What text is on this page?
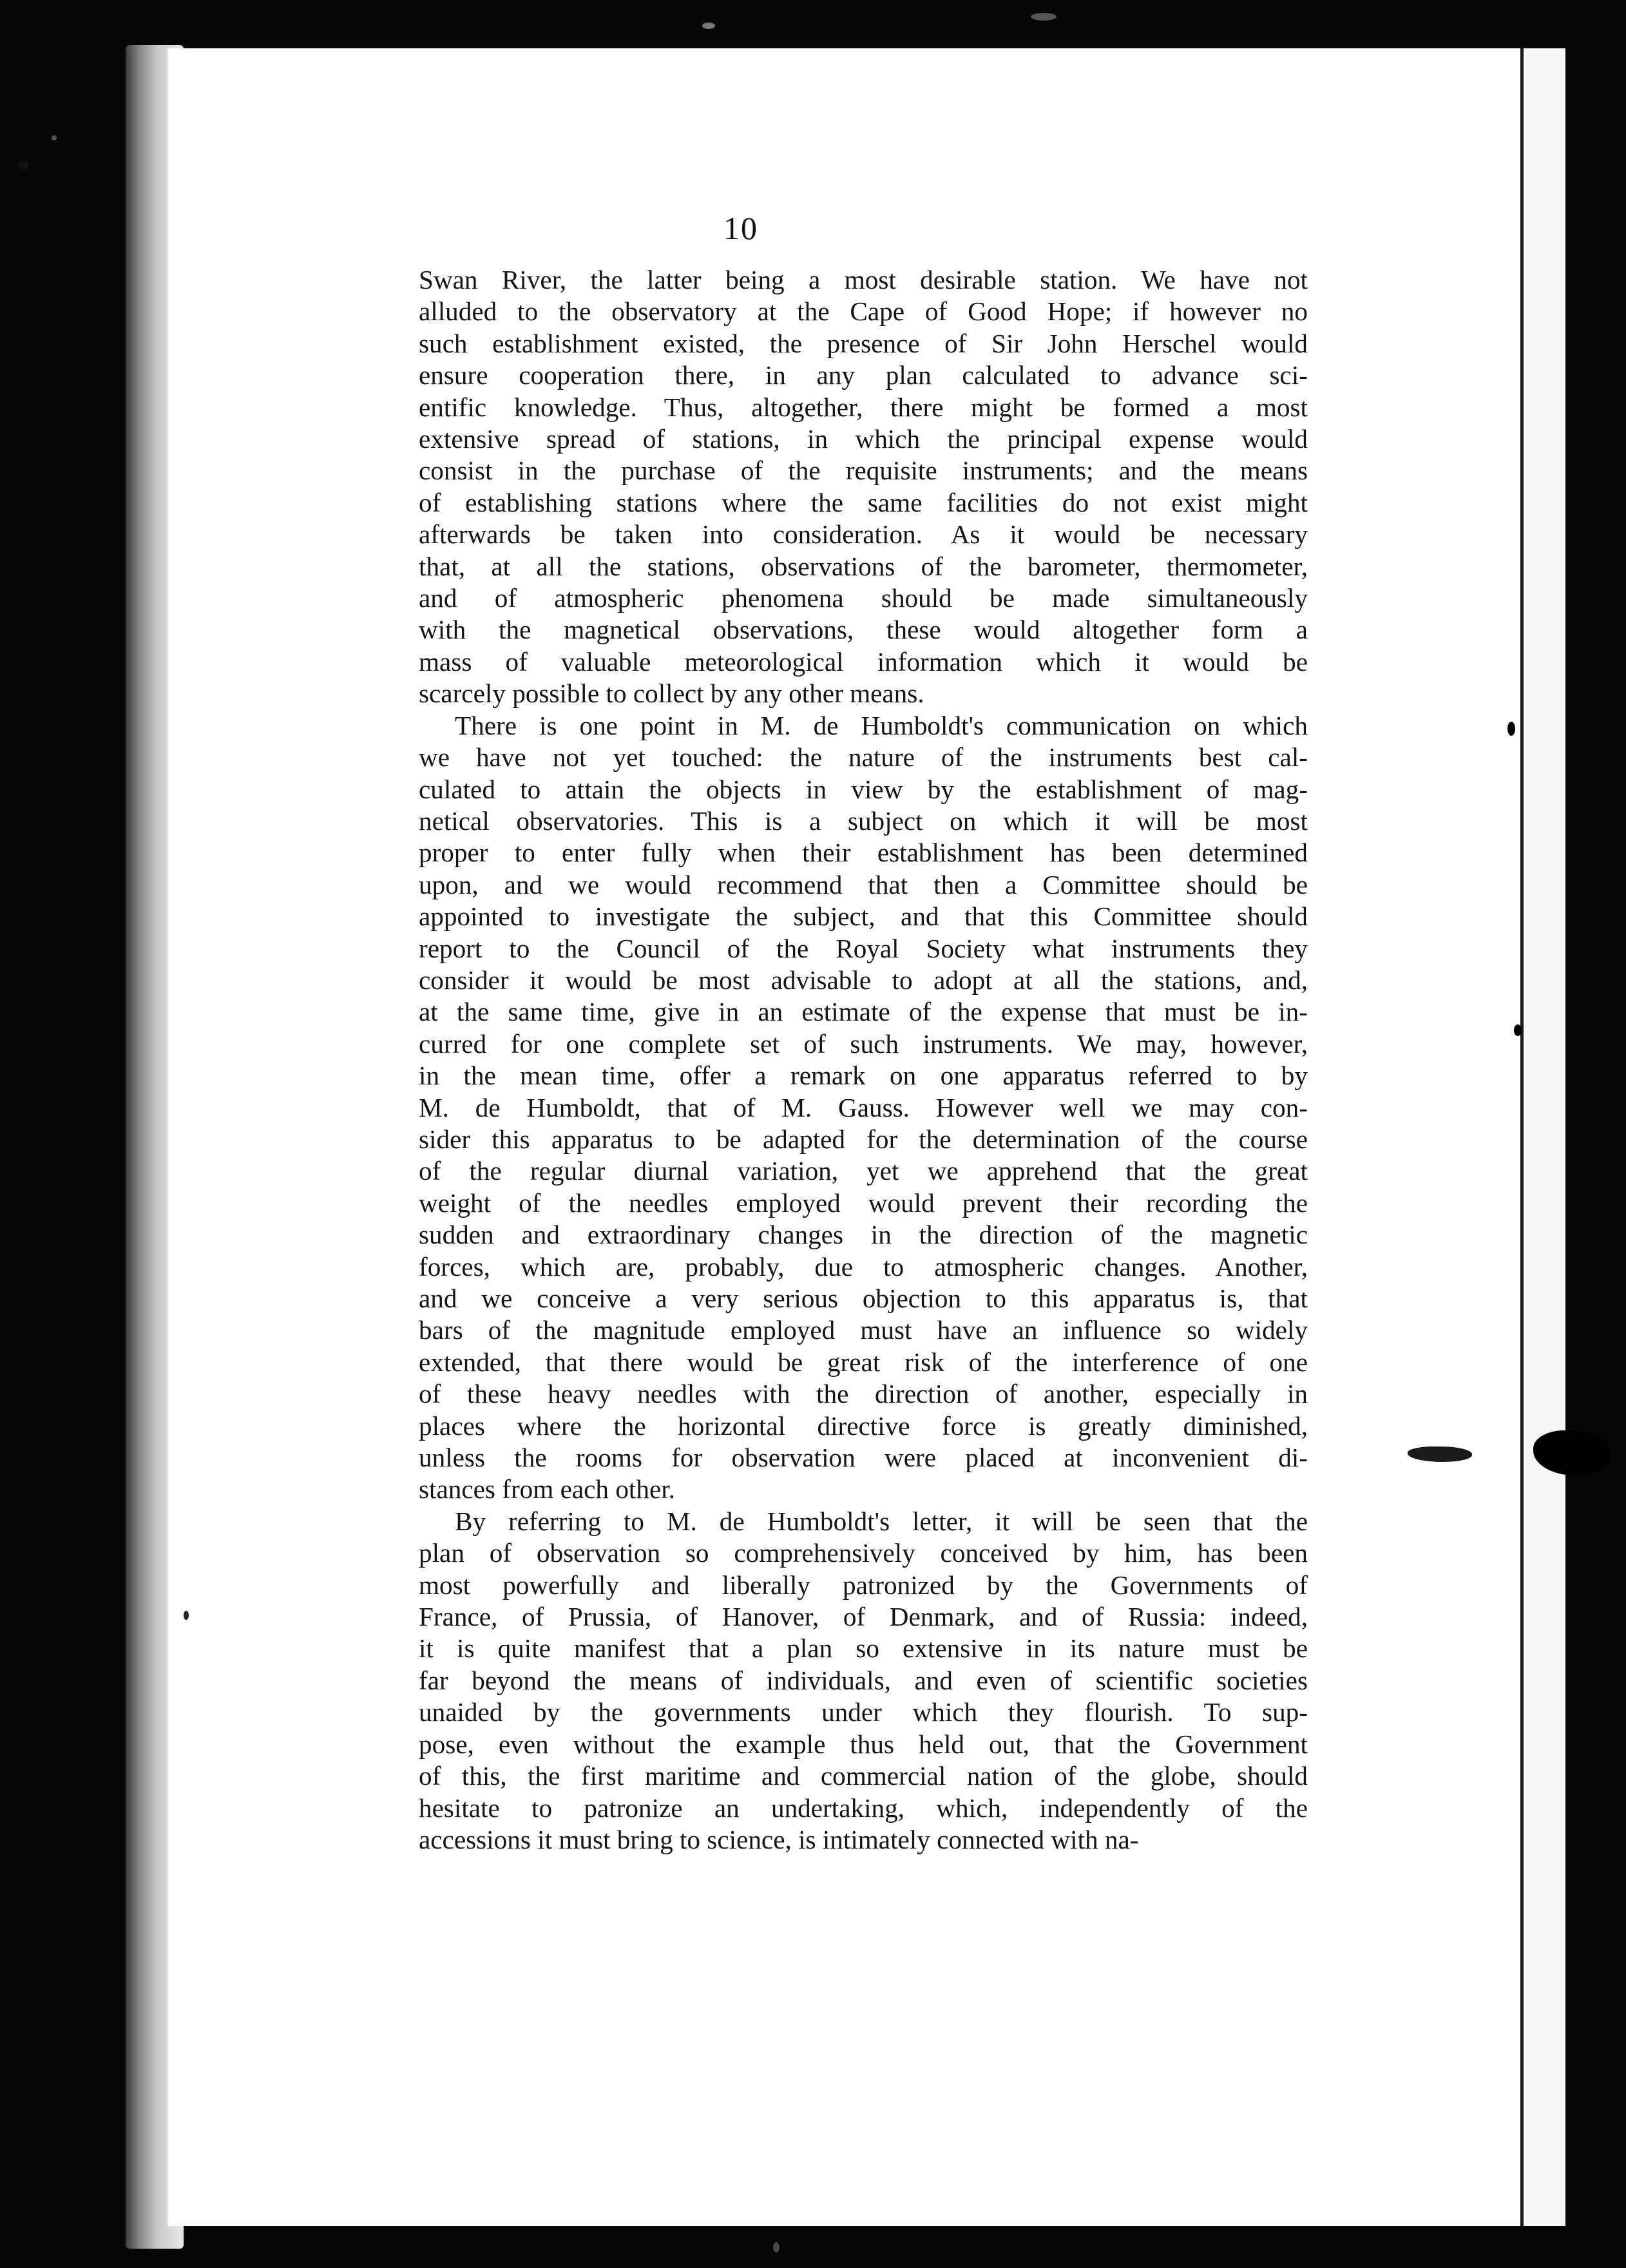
10
Swan River, the latter being a most desirable station. We have not
alluded to the observatory at the Cape of Good Hope; if however no
such establishment existed, the presence of Sir John Herschel would
ensure cooperation there, in any plan calculated to advance sci-
entific knowledge. Thus, altogether, there might be formed a most
extensive spread of stations, in which the principal expense would
consist in the purchase of the requisite instruments; and the means
of establishing stations where the same facilities do not exist might
afterwards be taken into consideration. As it would be necessary
that, at all the stations, observations of the barometer, thermometer,
and of atmospheric phenomena should be made simultaneously
with the magnetical observations, these would altogether form a
mass of valuable meteorological information which it would be
scarcely possible to collect by any other means.
There is one point in M. de Humboldt's communication on which
we have not yet touched: the nature of the instruments best cal-
culated to attain the objects in view by the establishment of mag-
netical observatories. This is a subject on which it will be most
proper to enter fully when their establishment has been determined
upon, and we would recommend that then a Committee should be
appointed to investigate the subject, and that this Committee should
report to the Council of the Royal Society what instruments they
consider it would be most advisable to adopt at all the stations, and,
at the same time, give in an estimate of the expense that must be in-
curred for one complete set of such instruments. We may, however,
in the mean time, offer a remark on one apparatus referred to by
M. de Humboldt, that of M. Gauss. However well we may con-
sider this apparatus to be adapted for the determination of the course
of the regular diurnal variation, yet we apprehend that the great
weight of the needles employed would prevent their recording the
sudden and extraordinary changes in the direction of the magnetic
forces, which are, probably, due to atmospheric changes. Another,
and we conceive a very serious objection to this apparatus is, that
bars of the magnitude employed must have an influence so widely
extended, that there would be great risk of the interference of one
of these heavy needles with the direction of another, especially in
places where the horizontal directive force is greatly diminished,
unless the rooms for observation were placed at inconvenient di-
stances from each other.
By referring to M. de Humboldt's letter, it will be seen that the
plan of observation so comprehensively conceived by him, has been
most powerfully and liberally patronized by the Governments of
France, of Prussia, of Hanover, of Denmark, and of Russia: indeed,
it is quite manifest that a plan so extensive in its nature must be
far beyond the means of individuals, and even of scientific societies
unaided by the governments under which they flourish. To sup-
pose, even without the example thus held out, that the Government
of this, the first maritime and commercial nation of the globe, should
hesitate to patronize an undertaking, which, independently of the
accessions it must bring to science, is intimately connected with na-
